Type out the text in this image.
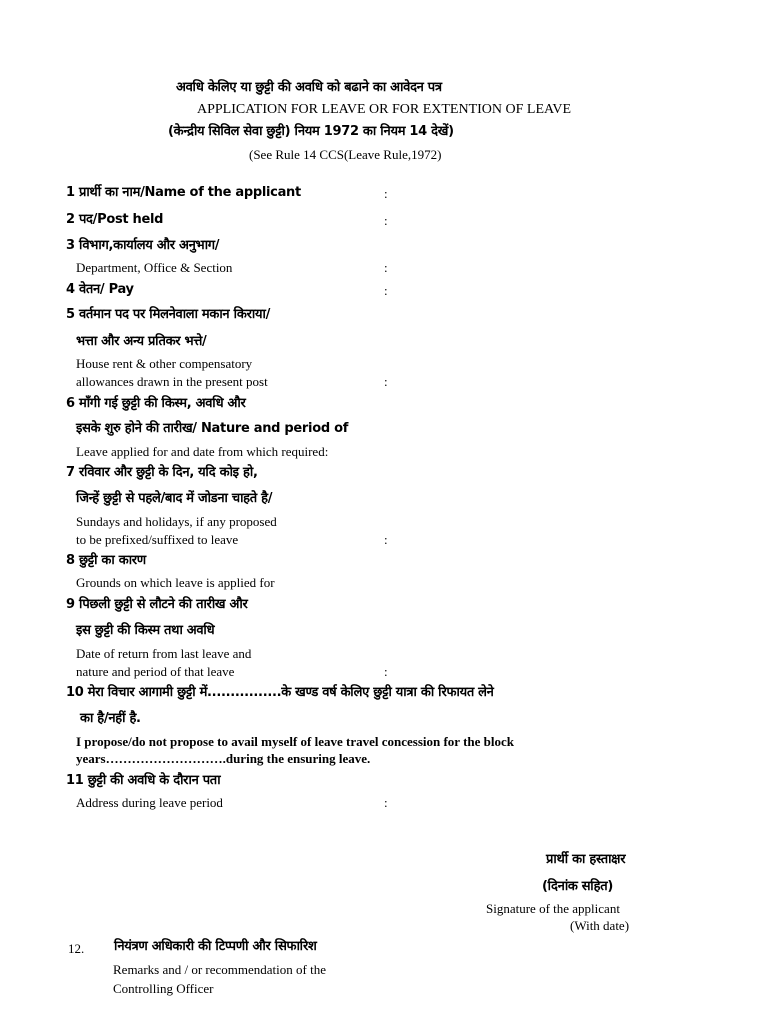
अवधि केलिए या छुट्टी की अवधि को बढाने का आवेदन पत्र
APPLICATION FOR LEAVE OR FOR EXTENTION OF LEAVE
(केन्द्रीय सिविल सेवा छुट्टी) नियम 1972 का नियम 14 देखें)
(See Rule 14 CCS(Leave Rule,1972)
1 प्रार्थी का नाम/Name of the applicant	:
2 पद/Post held	:
3 विभाग,कार्यालय और अनुभाग/
Department, Office & Section	:
4 वेतन/ Pay	:
5 वर्तमान पद पर मिलनेवाला मकान किराया/
भत्ता और अन्य प्रतिकर भत्ते/
House rent & other compensatory
allowances drawn in the present post	:
6 माँगी गई छुट्टी की किस्म, अवधि और
इसके शुरु होने की तारीख/ Nature and period of
Leave applied for and date from which required:
7 रविवार और छुट्टी के दिन, यदि कोइ हो,
जिन्हें छुट्टी से पहले/बाद में जोडना चाहते है/
Sundays and holidays, if any proposed
to be prefixed/suffixed to leave	:
8 छुट्टी का कारण
Grounds on which leave is applied for
9 पिछली छुट्टी से लौटने की तारीख और
इस छुट्टी की किस्म तथा अवधि
Date of return from last leave and
nature and period of that leave	:
10 मेरा विचार आगामी छुट्टी में................के खण्ड वर्ष केलिए छुट्टी यात्रा की रिफायत लेने
का है/नहीं है.
I propose/do not propose to avail myself of leave travel concession for the block
years……………………….during the ensuring leave.
11 छुट्टी की अवधि के दौरान पता
Address during leave period	:
प्रार्थी का हस्ताक्षर
(दिनांक सहित)
Signature of the applicant
(With date)
12. नियंत्रण अधिकारी की टिप्पणी और सिफारिश
Remarks and / or recommendation of the
Controlling Officer
